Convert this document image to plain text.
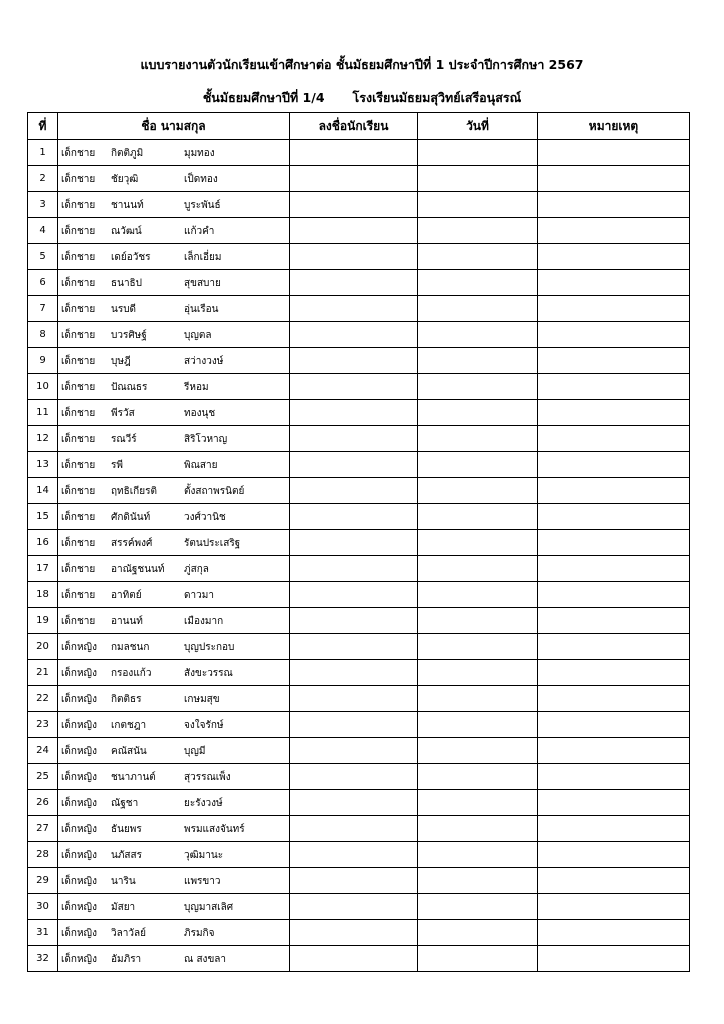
แบบรายงานตัวนักเรียนเข้าศึกษาต่อ ชั้นมัธยมศึกษาปีที่ 1 ประจำปีการศึกษา 2567
ชั้นมัธยมศึกษาปีที่ 1/4 โรงเรียนมัธยมสุวิทย์เสรีอนุสรณ์
ที่	ชื่อ นามสกุล	ลงชื่อนักเรียน	วันที่	หมายเหตุ
1	เด็กชาย กิตติภูมิ มุมทอง			

2	เด็กชาย ชัยวุฒิ เป็ดทอง			

3	เด็กชาย ชานนท์ บูระพันธ์			

4	เด็กชาย ณวัฒน์ แก้วคำ			

5	เด็กชาย เดย์อวัชร เล็กเอี่ยม			

6	เด็กชาย ธนาธิป สุขสบาย			

7	เด็กชาย นรบดี อุ่นเรือน			

8	เด็กชาย บวรศิษฐ์ บุญตล			

9	เด็กชาย บุษฎี สว่างวงษ์			

10	เด็กชาย ปัณณธร รีหอม			

11	เด็กชาย พีรวัส ทองนุช			

12	เด็กชาย รณวีร์ สิริโวหาญ			

13	เด็กชาย รพี พิณสาย			

14	เด็กชาย ฤทธิเกียรติ ตั้งสถาพรนิตย์			

15	เด็กชาย ศักดินันท์ วงศ์วานิช			

16	เด็กชาย สรรค์พงศ์ รัตนประเสริฐ			

17	เด็กชาย อาณัฐชนนท์ ภู่สกุล			

18	เด็กชาย อาทิตย์ ดาวมา			

19	เด็กชาย อานนท์ เมืองมาก			

20	เด็กหญิง กมลชนก บุญประกอบ			

21	เด็กหญิง กรองแก้ว สังขะวรรณ			

22	เด็กหญิง กิตติธร เกษมสุข			

23	เด็กหญิง เกตชฎา จงใจรักษ์			

24	เด็กหญิง คณัสนัน บุญมี			

25	เด็กหญิง ชนาภานต์ สุวรรณเพ็ง			

26	เด็กหญิง ณัฐชา ยะรังวงษ์			

27	เด็กหญิง ธันยพร พรมแสงจันทร์			

28	เด็กหญิง นภัสสร วุฒิมานะ			

29	เด็กหญิง นาริน แพรขาว			

30	เด็กหญิง มัสยา บุญมาสเลิศ			

31	เด็กหญิง วิลาวัลย์ ภิรมกิจ			

32	เด็กหญิง อัมภิรา ณ สงขลา			
